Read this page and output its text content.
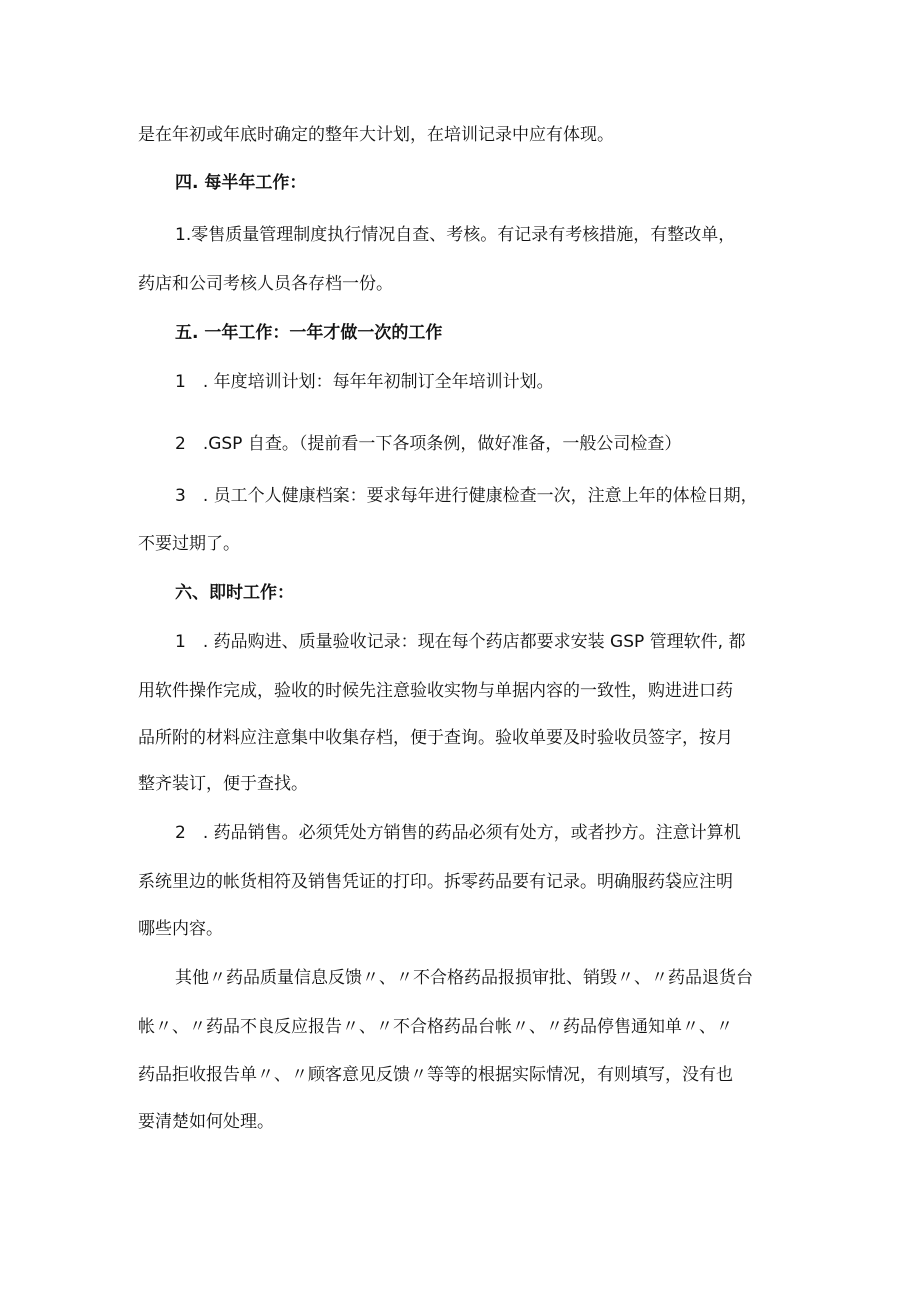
是在年初或年底时确定的整年大计划，在培训记录中应有体现。

四. 每半年工作：

1.零售质量管理制度执行情况自查、考核。有记录有考核措施，有整改单，

药店和公司考核人员各存档一份。

五. 一年工作：一年才做一次的工作

1　. 年度培训计划：每年年初制订全年培训计划。

2　.GSP 自查。（提前看一下各项条例，做好准备，一般公司检查）

3　. 员工个人健康档案：要求每年进行健康检查一次，注意上年的体检日期，

不要过期了。

六、即时工作：

1　. 药品购进、质量验收记录：现在每个药店都要求安装 GSP 管理软件, 都

用软件操作完成，验收的时候先注意验收实物与单据内容的一致性，购进进口药

品所附的材料应注意集中收集存档，便于查询。验收单要及时验收员签字，按月

整齐装订，便于查找。

2　. 药品销售。必须凭处方销售的药品必须有处方，或者抄方。注意计算机

系统里边的帐货相符及销售凭证的打印。拆零药品要有记录。明确服药袋应注明

哪些内容。

其他〃药品质量信息反馈〃、〃不合格药品报损审批、销毁〃、〃药品退货台

帐〃、〃药品不良反应报告〃、〃不合格药品台帐〃、〃药品停售通知单〃、〃

药品拒收报告单〃、〃顾客意见反馈〃等等的根据实际情况，有则填写，没有也

要清楚如何处理。
